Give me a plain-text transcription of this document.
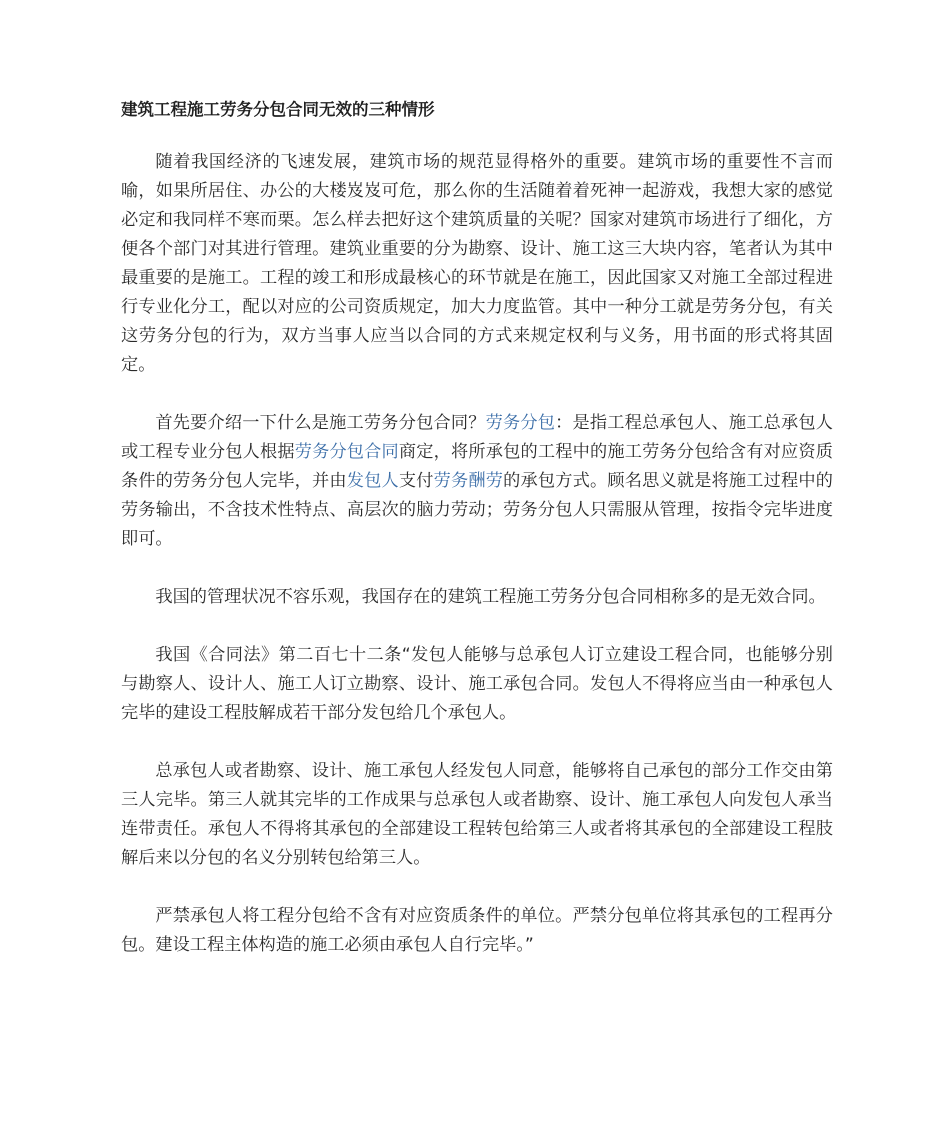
建筑工程施工劳务分包合同无效的三种情形

随着我国经济的飞速发展，建筑市场的规范显得格外的重要。建筑市场的重要性不言而喻，如果所居住、办公的大楼岌岌可危，那么你的生活随着着死神一起游戏，我想大家的感觉必定和我同样不寒而栗。怎么样去把好这个建筑质量的关呢？国家对建筑市场进行了细化，方便各个部门对其进行管理。建筑业重要的分为勘察、设计、施工这三大块内容，笔者认为其中最重要的是施工。工程的竣工和形成最核心的环节就是在施工，因此国家又对施工全部过程进行专业化分工，配以对应的公司资质规定，加大力度监管。其中一种分工就是劳务分包，有关这劳务分包的行为，双方当事人应当以合同的方式来规定权利与义务，用书面的形式将其固定。

首先要介绍一下什么是施工劳务分包合同？劳务分包：是指工程总承包人、施工总承包人或工程专业分包人根据劳务分包合同商定，将所承包的工程中的施工劳务分包给含有对应资质条件的劳务分包人完毕，并由发包人支付劳务酬劳的承包方式。顾名思义就是将施工过程中的劳务输出，不含技术性特点、高层次的脑力劳动；劳务分包人只需服从管理，按指令完毕进度即可。

我国的管理状况不容乐观，我国存在的建筑工程施工劳务分包合同相称多的是无效合同。

我国《合同法》第二百七十二条“发包人能够与总承包人订立建设工程合同，也能够分别与勘察人、设计人、施工人订立勘察、设计、施工承包合同。发包人不得将应当由一种承包人完毕的建设工程肢解成若干部分发包给几个承包人。

总承包人或者勘察、设计、施工承包人经发包人同意，能够将自己承包的部分工作交由第三人完毕。第三人就其完毕的工作成果与总承包人或者勘察、设计、施工承包人向发包人承当连带责任。承包人不得将其承包的全部建设工程转包给第三人或者将其承包的全部建设工程肢解后来以分包的名义分别转包给第三人。

严禁承包人将工程分包给不含有对应资质条件的单位。严禁分包单位将其承包的工程再分包。建设工程主体构造的施工必须由承包人自行完毕。”
